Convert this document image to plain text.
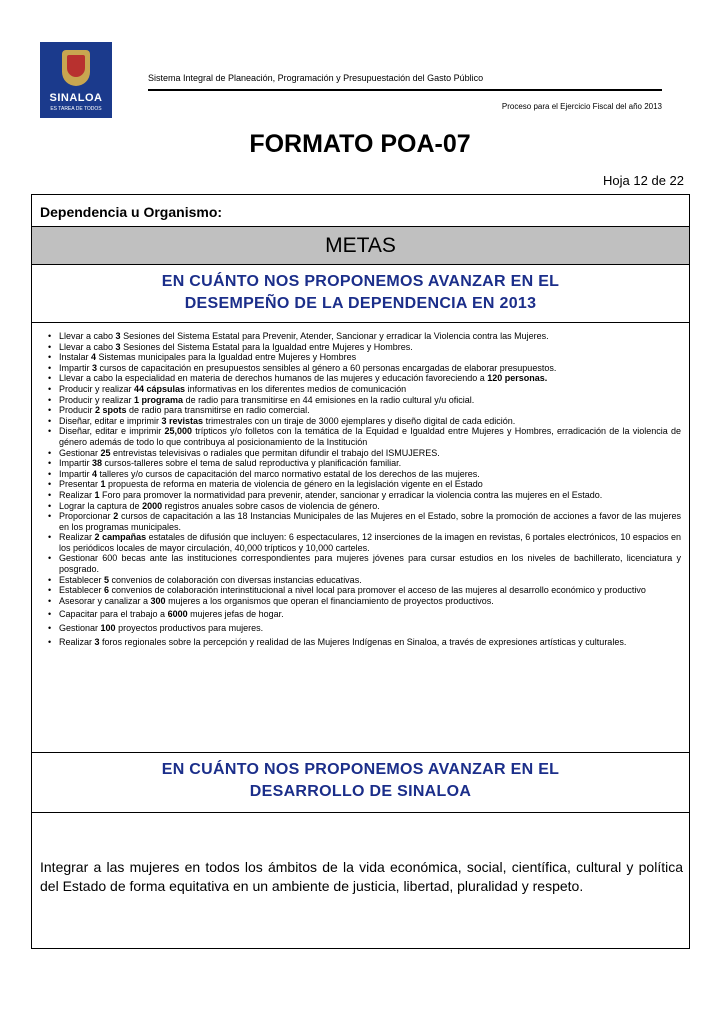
SINALOA
ES TAREA DE TODOS
Sistema Integral de Planeación, Programación y Presupuestación del Gasto Público
Proceso para el Ejercicio Fiscal del año 2013
FORMATO POA-07
Hoja 12 de 22
Dependencia u Organismo:
METAS
EN CUÁNTO NOS PROPONEMOS AVANZAR EN EL
DESEMPEÑO DE LA DEPENDENCIA EN 2013
• Llevar a cabo 3 Sesiones del Sistema Estatal para Prevenir, Atender, Sancionar y erradicar la Violencia contra las Mujeres.
• Llevar a cabo 3 Sesiones del Sistema Estatal para la Igualdad entre Mujeres y Hombres.
• Instalar 4 Sistemas municipales para la Igualdad entre Mujeres y Hombres
• Impartir 3 cursos de capacitación en presupuestos sensibles al género a 60 personas encargadas de elaborar presupuestos.
• Llevar a cabo la especialidad en materia de derechos humanos de las mujeres y educación favoreciendo a 120 personas.
• Producir y realizar 44 cápsulas informativas en los diferentes medios de comunicación
• Producir y realizar 1 programa de radio para transmitirse en 44 emisiones en la radio cultural y/u oficial.
• Producir 2 spots de radio para transmitirse en radio comercial.
• Diseñar, editar e imprimir 3 revistas trimestrales con un tiraje de 3000 ejemplares y diseño digital de cada edición.
• Diseñar, editar e imprimir 25,000 trípticos y/o folletos con la temática de la Equidad e Igualdad entre Mujeres y Hombres, erradicación de la violencia de género además de todo lo que contribuya al posicionamiento de la Institución
• Gestionar 25 entrevistas televisivas o radiales que permitan difundir el trabajo del ISMUJERES.
• Impartir 38 cursos-talleres sobre el tema de salud reproductiva y planificación familiar.
• Impartir 4 talleres y/o cursos de capacitación del marco normativo estatal de los derechos de las mujeres.
• Presentar 1 propuesta de reforma en materia de violencia de género en la legislación vigente en el Estado
• Realizar 1 Foro para promover la normatividad para prevenir, atender, sancionar y erradicar la violencia contra las mujeres en el Estado.
• Lograr la captura de 2000 registros anuales sobre casos de violencia de género.
• Proporcionar 2 cursos de capacitación a las 18 Instancias Municipales de las Mujeres en el Estado, sobre la promoción de acciones a favor de las mujeres en los programas municipales.
• Realizar 2 campañas estatales de difusión que incluyen: 6 espectaculares, 12 inserciones de la imagen en revistas, 6 portales electrónicos, 10 espacios en los periódicos locales de mayor circulación, 40,000 trípticos y 10,000 carteles.
• Gestionar 600 becas ante las instituciones correspondientes para mujeres jóvenes para cursar estudios en los niveles de bachillerato, licenciatura y posgrado.
• Establecer 5 convenios de colaboración con diversas instancias educativas.
• Establecer 6 convenios de colaboración interinstitucional a nivel local para promover el acceso de las mujeres al desarrollo económico y productivo
• Asesorar y canalizar a 300 mujeres a los organismos que operan el financiamiento de proyectos productivos.
• Capacitar para el trabajo a 6000 mujeres jefas de hogar.
• Gestionar 100 proyectos productivos para mujeres.
• Realizar 3 foros regionales sobre la percepción y realidad de las Mujeres Indígenas en Sinaloa, a través de expresiones artísticas y culturales.
EN CUÁNTO NOS PROPONEMOS AVANZAR EN EL
DESARROLLO DE SINALOA
Integrar a las mujeres en todos los ámbitos de la vida económica, social, científica, cultural y política del Estado de forma equitativa en un ambiente de justicia, libertad, pluralidad y respeto.
